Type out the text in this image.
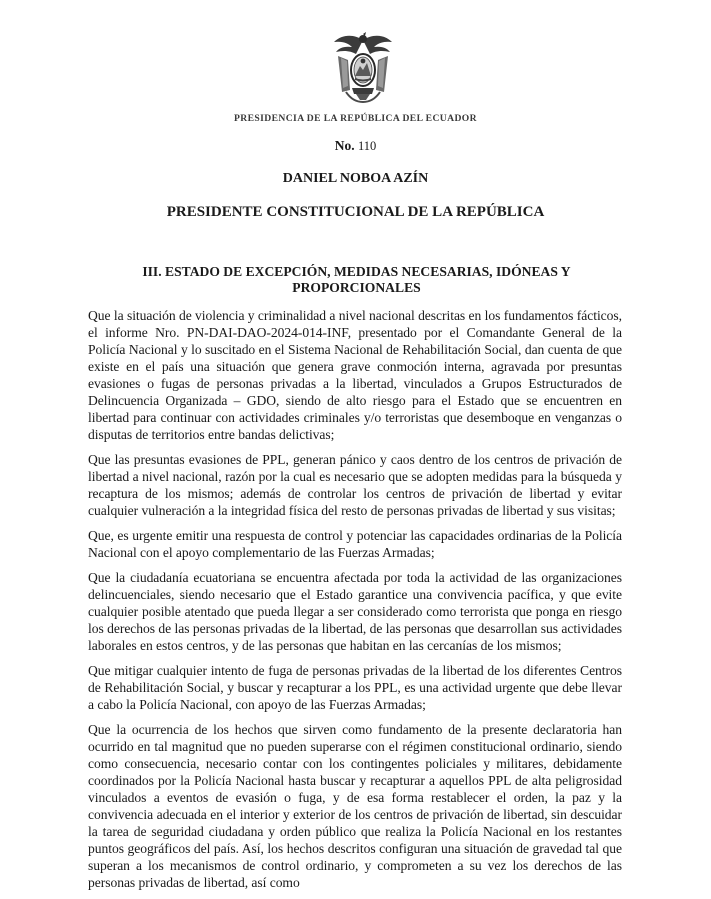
PRESIDENCIA DE LA REPÚBLICA DEL ECUADOR
No. 110
DANIEL NOBOA AZÍN
PRESIDENTE CONSTITUCIONAL DE LA REPÚBLICA
III. ESTADO DE EXCEPCIÓN, MEDIDAS NECESARIAS, IDÓNEAS Y PROPORCIONALES

Que la situación de violencia y criminalidad a nivel nacional descritas en los fundamentos fácticos, el informe Nro. PN-DAI-DAO-2024-014-INF, presentado por el Comandante General de la Policía Nacional y lo suscitado en el Sistema Nacional de Rehabilitación Social, dan cuenta de que existe en el país una situación que genera grave conmoción interna, agravada por presuntas evasiones o fugas de personas privadas a la libertad, vinculados a Grupos Estructurados de Delincuencia Organizada – GDO, siendo de alto riesgo para el Estado que se encuentren en libertad para continuar con actividades criminales y/o terroristas que desemboque en venganzas o disputas de territorios entre bandas delictivas;

Que las presuntas evasiones de PPL, generan pánico y caos dentro de los centros de privación de libertad a nivel nacional, razón por la cual es necesario que se adopten medidas para la búsqueda y recaptura de los mismos; además de controlar los centros de privación de libertad y evitar cualquier vulneración a la integridad física del resto de personas privadas de libertad y sus visitas;

Que, es urgente emitir una respuesta de control y potenciar las capacidades ordinarias de la Policía Nacional con el apoyo complementario de las Fuerzas Armadas;

Que la ciudadanía ecuatoriana se encuentra afectada por toda la actividad de las organizaciones delincuenciales, siendo necesario que el Estado garantice una convivencia pacífica, y que evite cualquier posible atentado que pueda llegar a ser considerado como terrorista que ponga en riesgo los derechos de las personas privadas de la libertad, de las personas que desarrollan sus actividades laborales en estos centros, y de las personas que habitan en las cercanías de los mismos;

Que mitigar cualquier intento de fuga de personas privadas de la libertad de los diferentes Centros de Rehabilitación Social, y buscar y recapturar a los PPL, es una actividad urgente que debe llevar a cabo la Policía Nacional, con apoyo de las Fuerzas Armadas;

Que la ocurrencia de los hechos que sirven como fundamento de la presente declaratoria han ocurrido en tal magnitud que no pueden superarse con el régimen constitucional ordinario, siendo como consecuencia, necesario contar con los contingentes policiales y militares, debidamente coordinados por la Policía Nacional hasta buscar y recapturar a aquellos PPL de alta peligrosidad vinculados a eventos de evasión o fuga, y de esa forma restablecer el orden, la paz y la convivencia adecuada en el interior y exterior de los centros de privación de libertad, sin descuidar la tarea de seguridad ciudadana y orden público que realiza la Policía Nacional en los restantes puntos geográficos del país. Así, los hechos descritos configuran una situación de gravedad tal que superan a los mecanismos de control ordinario, y comprometen a su vez los derechos de las personas privadas de libertad, así como
